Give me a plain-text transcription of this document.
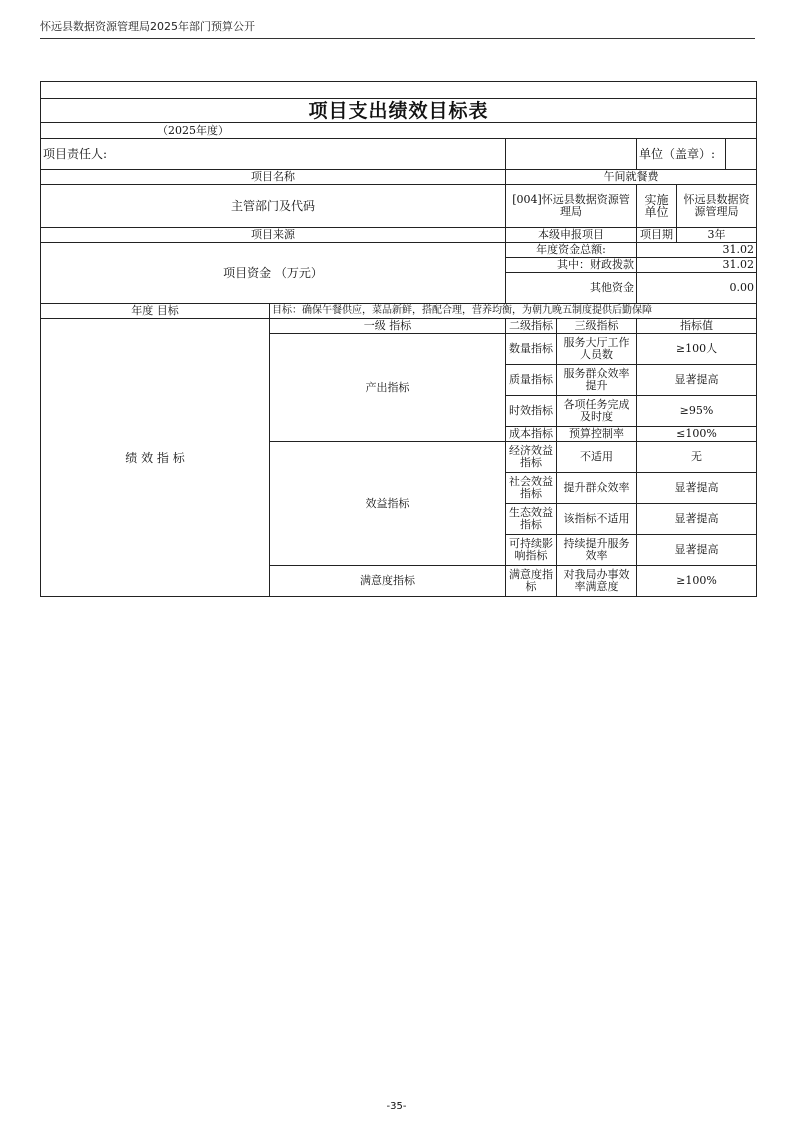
怀远县数据资源管理局2025年部门预算公开

项目支出绩效目标表						
（2025年度）						
项目责任人:				单位（盖章）:		
项目名称		午间就餐费				
主管部门及代码		[004]怀远县数据资源管理局		实施单位	怀远县数据资源管理局	
项目来源		本级申报项目		项目期	3年	
项目资金 （万元）		年度资金总额:		31.02		
		其中：财政拨款		31.02		
		其他资金		0.00		
年度 目标	目标：确保午餐供应，菜品新鲜，搭配合理，营养均衡，为朝九晚五制度提供后勤保障					
绩 效 指 标	一级 指标	二级指标	三级指标	指标值		
	产出指标	数量指标	服务大厅工作人员数	≥100人		
		质量指标	服务群众效率提升	显著提高		
		时效指标	各项任务完成及时度	≥95%		
		成本指标	预算控制率	≤100%		
	效益指标	经济效益指标	不适用	无		
		社会效益指标	提升群众效率	显著提高		
		生态效益指标	该指标不适用	显著提高		
		可持续影响指标	持续提升服务效率	显著提高		
	满意度指标	满意度指标	对我局办事效率满意度	≥100%		
-35-
